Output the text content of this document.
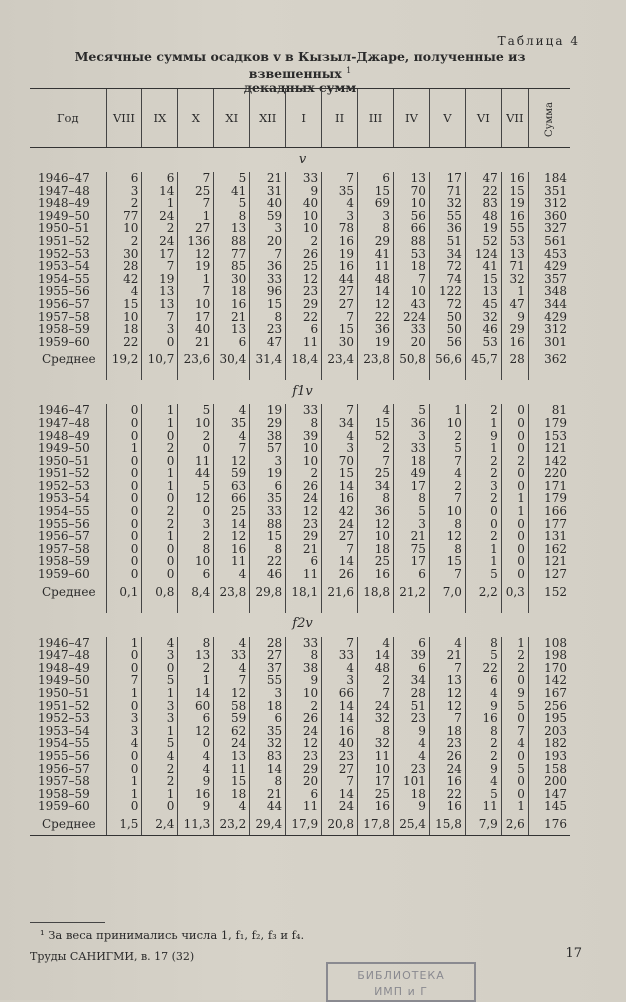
Таблица 4
Месячные суммы осадков v в Кызыл-Джаре, полученные из взвешенных $^1$
декадных сумм
Год	VIII	IX	X	XI	XII	I	II	III	IV	V	VI	VII	Сумма
v													
1946–47	6	6	7	5	21	33	7	6	13	17	47	16	184
1947–48	3	14	25	41	31	9	35	15	70	71	22	15	351
1948–49	2	1	7	5	40	40	4	69	10	32	83	19	312
1949–50	77	24	1	8	59	10	3	3	56	55	48	16	360
1950–51	10	2	27	13	3	10	78	8	66	36	19	55	327
1951–52	2	24	136	88	20	2	16	29	88	51	52	53	561
1952–53	30	17	12	77	7	26	19	41	53	34	124	13	453
1953–54	28	7	19	85	36	25	16	11	18	72	41	71	429
1954–55	42	19	1	30	33	12	44	48	7	74	15	32	357
1955–56	4	13	7	18	96	23	27	14	10	122	13	1	348
1956–57	15	13	10	16	15	29	27	12	43	72	45	47	344
1957–58	10	7	17	21	8	22	7	22	224	50	32	9	429
1958–59	18	3	40	13	23	6	15	36	33	50	46	29	312
1959–60	22	0	21	6	47	11	30	19	20	56	53	16	301
Среднее	19,2	10,7	23,6	30,4	31,4	18,4	23,4	23,8	50,8	56,6	45,7	28	362

f1v													
1946–47	0	1	5	4	19	33	7	4	5	1	2	0	81
1947–48	0	1	10	35	29	8	34	15	36	10	1	0	179
1948–49	0	0	2	4	38	39	4	52	3	2	9	0	153
1949–50	1	2	0	7	57	10	3	2	33	5	1	0	121
1950–51	0	0	11	12	3	10	70	7	18	7	2	2	142
1951–52	0	1	44	59	19	2	15	25	49	4	2	0	220
1952–53	0	1	5	63	6	26	14	34	17	2	3	0	171
1953–54	0	0	12	66	35	24	16	8	8	7	2	1	179
1954–55	0	2	0	25	33	12	42	36	5	10	0	1	166
1955–56	0	2	3	14	88	23	24	12	3	8	0	0	177
1956–57	0	1	2	12	15	29	27	10	21	12	2	0	131
1957–58	0	0	8	16	8	21	7	18	75	8	1	0	162
1958–59	0	0	10	11	22	6	14	25	17	15	1	0	121
1959–60	0	0	6	4	46	11	26	16	6	7	5	0	127
Среднее	0,1	0,8	8,4	23,8	29,8	18,1	21,6	18,8	21,2	7,0	2,2	0,3	152

f2v													
1946–47	1	4	8	4	28	33	7	4	6	4	8	1	108
1947–48	0	3	13	33	27	8	33	14	39	21	5	2	198
1948–49	0	0	2	4	37	38	4	48	6	7	22	2	170
1949–50	7	5	1	7	55	9	3	2	34	13	6	0	142
1950–51	1	1	14	12	3	10	66	7	28	12	4	9	167
1951–52	0	3	60	58	18	2	14	24	51	12	9	5	256
1952–53	3	3	6	59	6	26	14	32	23	7	16	0	195
1953–54	3	1	12	62	35	24	16	8	9	18	8	7	203
1954–55	4	5	0	24	32	12	40	32	4	23	2	4	182
1955–56	0	4	4	13	83	23	23	11	4	26	2	0	193
1956–57	0	2	4	11	14	29	27	10	23	24	9	5	158
1957–58	1	2	9	15	8	20	7	17	101	16	4	0	200
1958–59	1	1	16	18	21	6	14	25	18	22	5	0	147
1959–60	0	0	9	4	44	11	24	16	9	16	11	1	145
Среднее	1,5	2,4	11,3	23,2	29,4	17,9	20,8	17,8	25,4	15,8	7,9	2,6	176
¹ За веса принимались числа 1, f₁, f₂, f₃ и f₄.
Труды САНИГМИ, в. 17 (32)	17
БИБЛИОТЕКА
ИМП и Г
